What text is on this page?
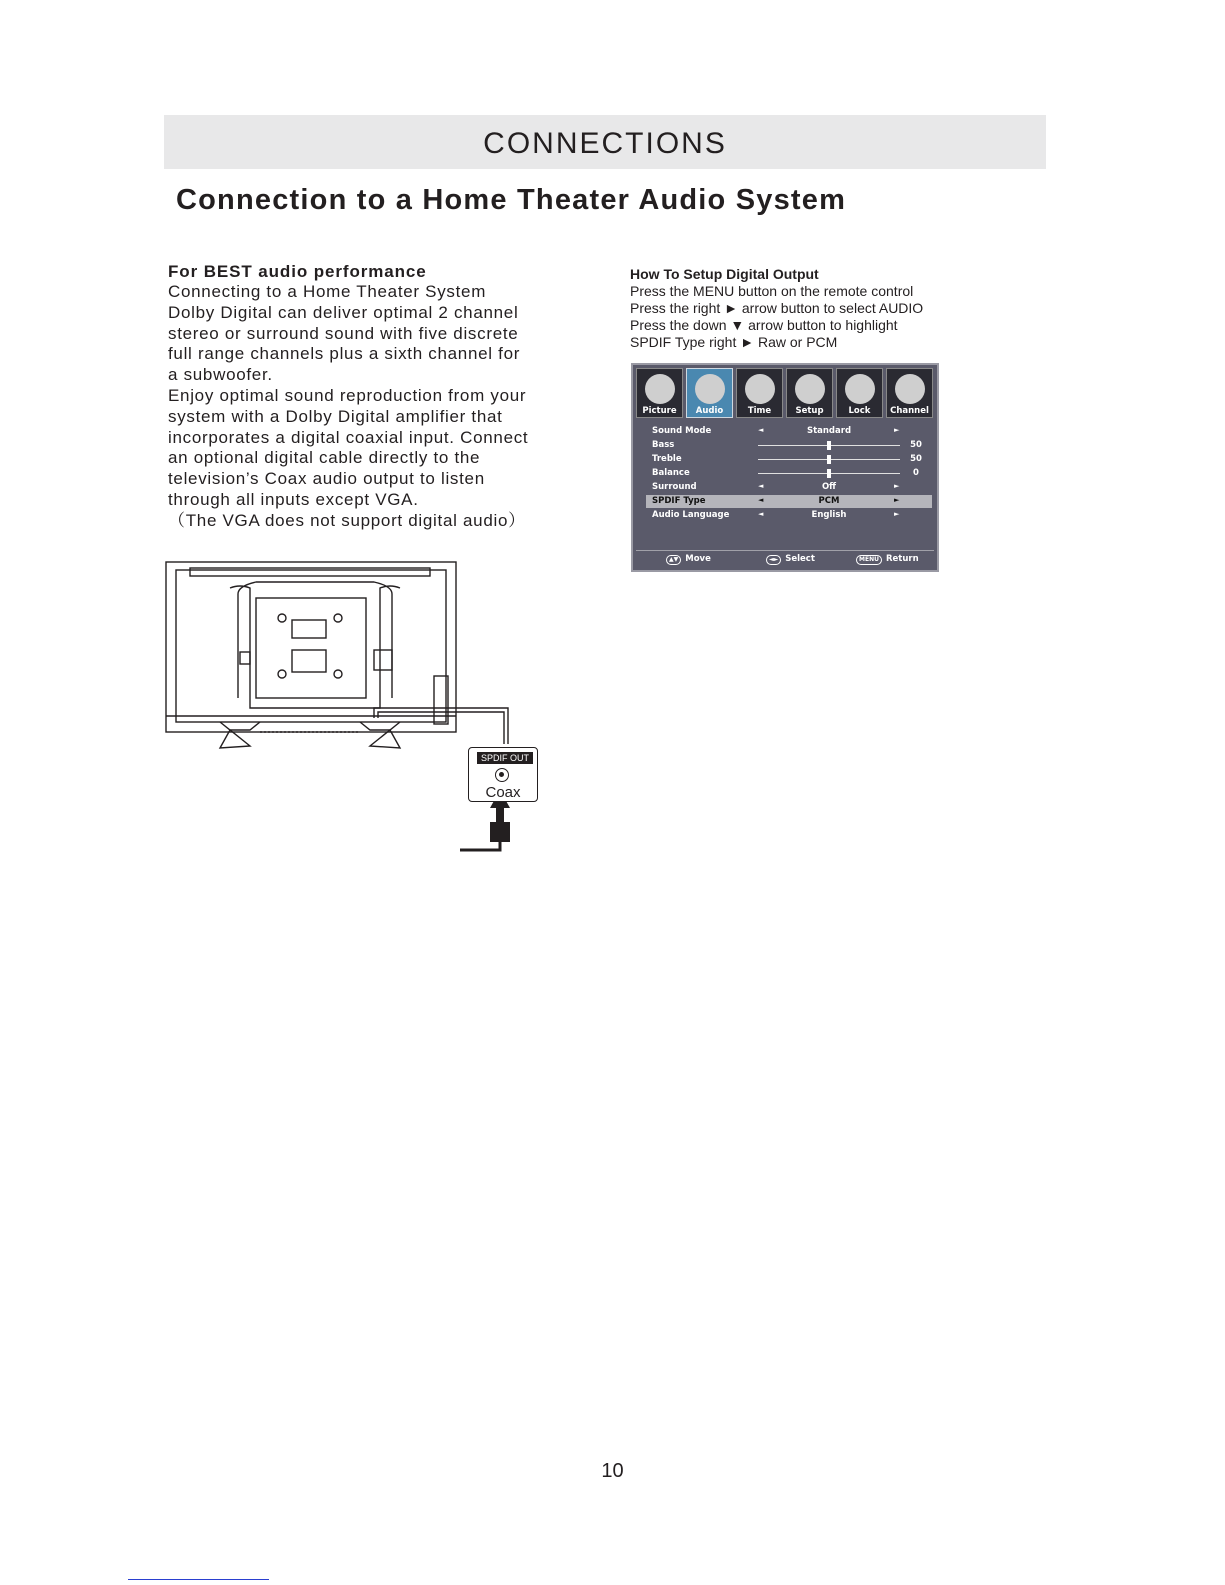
CONNECTIONS
Connection to a Home Theater Audio System
For BEST audio performance
Connecting to a Home Theater System
Dolby Digital can deliver optimal 2 channel
stereo or surround sound with five discrete
full range channels plus a sixth channel for
a subwoofer.
Enjoy optimal sound reproduction from your
system with a Dolby Digital amplifier that
incorporates a digital coaxial input. Connect
an optional digital cable directly to the
television’s Coax audio output to listen
through all inputs except VGA.
（The VGA does not support digital audio）
How To Setup Digital Output
Press the MENU button on the remote control
Press the right ► arrow button to select AUDIO
Press the down ▼ arrow button to highlight
SPDIF Type right ► Raw or PCM
Picture	Audio	Time	Setup	Lock	Channel
Sound Mode	◄	Standard	►
Bass	50
Treble	50
Balance	0
Surround	◄	Off	►
SPDIF Type	◄	PCM	►
Audio Language	◄	English	►
▲▼ Move	◄► Select	MENU Return
SPDIF OUT
Coax
10
